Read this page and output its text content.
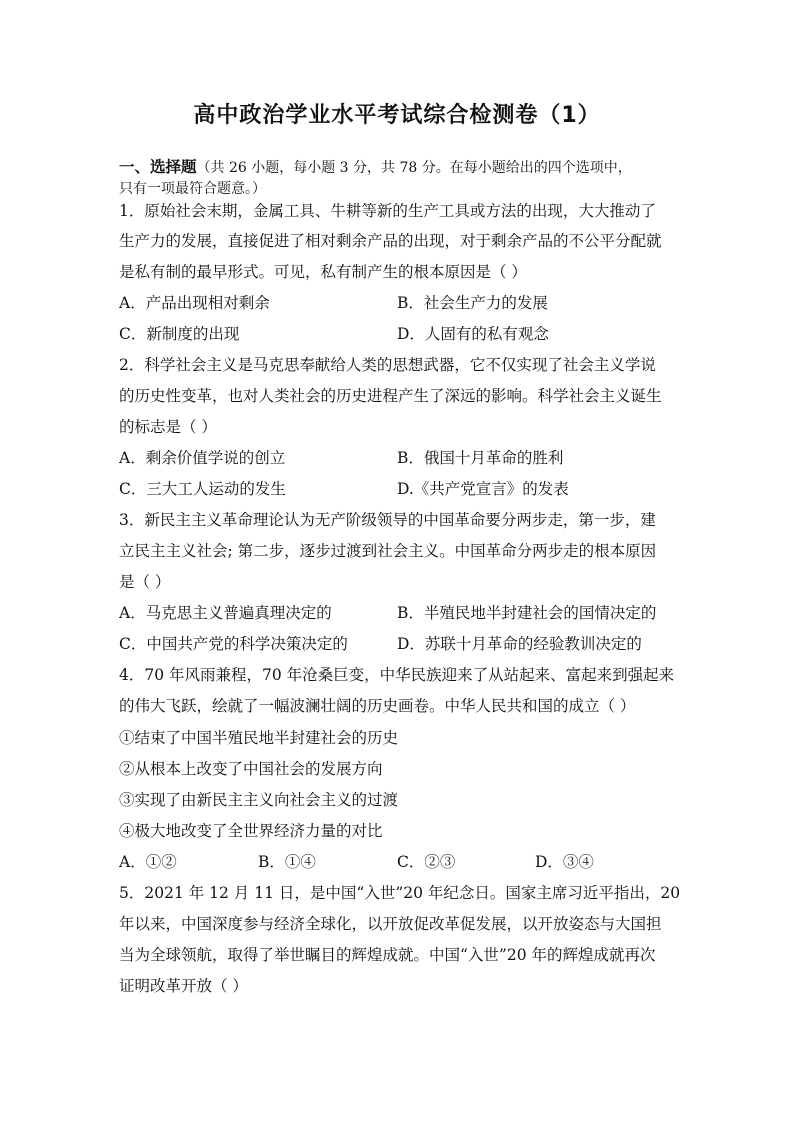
高中政治学业水平考试综合检测卷（1）
一、选择题（共 26 小题，每小题 3 分，共 78 分。在每小题给出的四个选项中，
只有一项最符合题意。）
1．原始社会末期，金属工具、牛耕等新的生产工具或方法的出现，大大推动了
生产力的发展，直接促进了相对剩余产品的出现，对于剩余产品的不公平分配就
是私有制的最早形式。可见，私有制产生的根本原因是（ ）
A．产品出现相对剩余	B．社会生产力的发展
C．新制度的出现	D．人固有的私有观念
2．科学社会主义是马克思奉献给人类的思想武器，它不仅实现了社会主义学说
的历史性变革，也对人类社会的历史进程产生了深远的影响。科学社会主义诞生
的标志是（ ）
A．剩余价值学说的创立	B．俄国十月革命的胜利
C．三大工人运动的发生	D.《共产党宣言》的发表
3．新民主主义革命理论认为无产阶级领导的中国革命要分两步走，第一步，建
立民主主义社会; 第二步，逐步过渡到社会主义。中国革命分两步走的根本原因
是（ ）
A．马克思主义普遍真理决定的	B．半殖民地半封建社会的国情决定的
C．中国共产党的科学决策决定的	D．苏联十月革命的经验教训决定的
4．70 年风雨兼程，70 年沧桑巨变，中华民族迎来了从站起来、富起来到强起来
的伟大飞跃，绘就了一幅波澜壮阔的历史画卷。中华人民共和国的成立（ ）
①结束了中国半殖民地半封建社会的历史
②从根本上改变了中国社会的发展方向
③实现了由新民主主义向社会主义的过渡
④极大地改变了全世界经济力量的对比
A．①②	B．①④	C．②③	D．③④
5．2021 年 12 月 11 日，是中国“入世”20 年纪念日。国家主席习近平指出，20
年以来，中国深度参与经济全球化，以开放促改革促发展，以开放姿态与大国担
当为全球领航，取得了举世瞩目的辉煌成就。中国“入世”20 年的辉煌成就再次
证明改革开放（ ）
